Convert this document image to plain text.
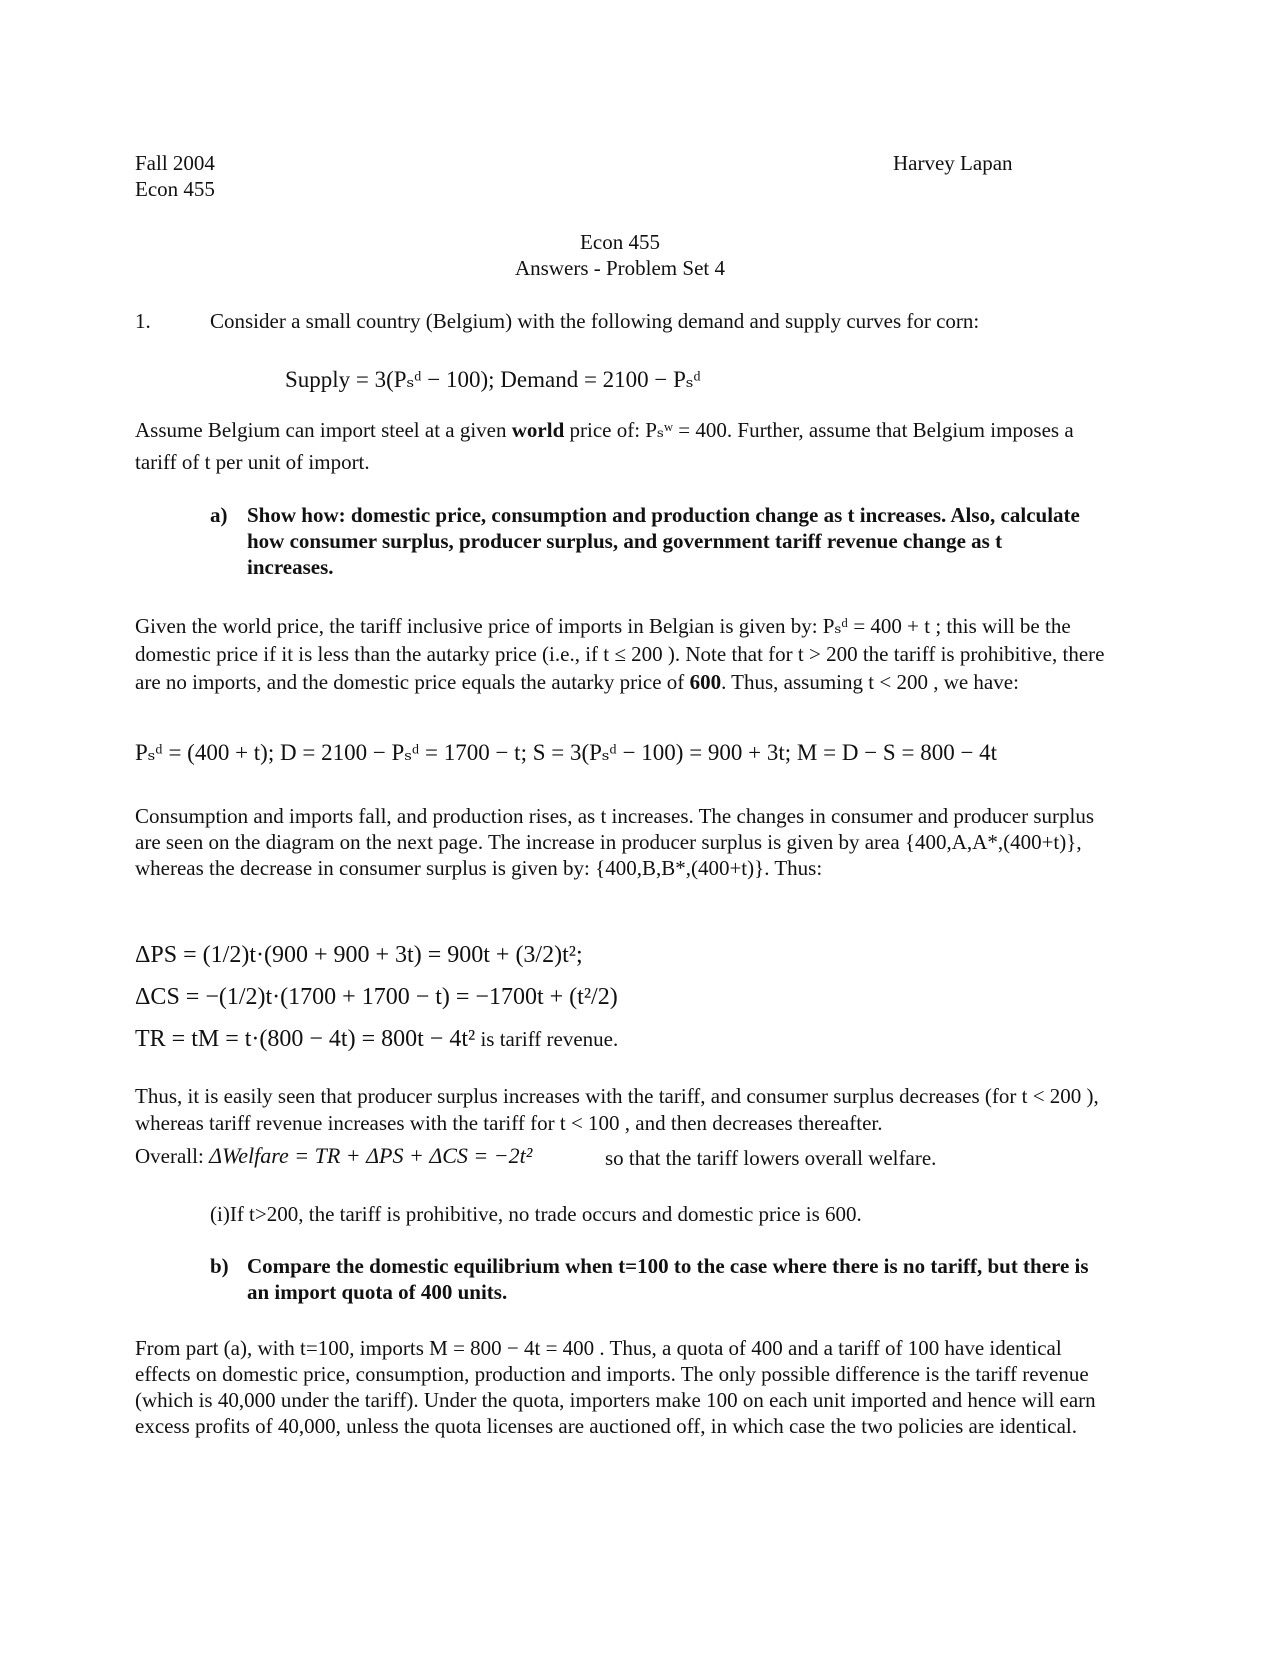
Fall 2004
Econ 455
Harvey Lapan
Econ 455
Answers - Problem Set 4
1.	Consider a small country (Belgium) with the following demand and supply curves for corn:
Supply = 3(Pₛᵈ − 100); Demand = 2100 − Pₛᵈ

Assume Belgium can import steel at a given world price of: Pₛʷ = 400. Further, assume that Belgium imposes a tariff of t per unit of import.

a) Show how: domestic price, consumption and production change as t increases. Also, calculate how consumer surplus, producer surplus, and government tariff revenue change as t increases.

Given the world price, the tariff inclusive price of imports in Belgian is given by: Pₛᵈ = 400 + t ; this will be the domestic price if it is less than the autarky price (i.e., if t ≤ 200 ). Note that for t > 200 the tariff is prohibitive, there are no imports, and the domestic price equals the autarky price of 600. Thus, assuming t < 200 , we have:

Pₛᵈ = (400 + t); D = 2100 − Pₛᵈ = 1700 − t; S = 3(Pₛᵈ − 100) = 900 + 3t; M = D − S = 800 − 4t

Consumption and imports fall, and production rises, as t increases. The changes in consumer and producer surplus are seen on the diagram on the next page. The increase in producer surplus is given by area {400,A,A*,(400+t)}, whereas the decrease in consumer surplus is given by: {400,B,B*,(400+t)}. Thus:

ΔPS = (1/2)t·(900 + 900 + 3t) = 900t + (3/2)t²;
ΔCS = −(1/2)t·(1700 + 1700 − t) = −1700t + (t²/2)
TR = tM = t·(800 − 4t) = 800t − 4t² is tariff revenue.

Thus, it is easily seen that producer surplus increases with the tariff, and consumer surplus decreases (for t < 200 ), whereas tariff revenue increases with the tariff for t < 100 , and then decreases thereafter.

Overall: ΔWelfare = TR + ΔPS + ΔCS = −2t²	so that the tariff lowers overall welfare.
(i)If t>200, the tariff is prohibitive, no trade occurs and domestic price is 600.
b) Compare the domestic equilibrium when t=100 to the case where there is no tariff, but there is an import quota of 400 units.

From part (a), with t=100, imports M = 800 − 4t = 400 . Thus, a quota of 400 and a tariff of 100 have identical effects on domestic price, consumption, production and imports. The only possible difference is the tariff revenue (which is 40,000 under the tariff). Under the quota, importers make 100 on each unit imported and hence will earn excess profits of 40,000, unless the quota licenses are auctioned off, in which case the two policies are identical.
